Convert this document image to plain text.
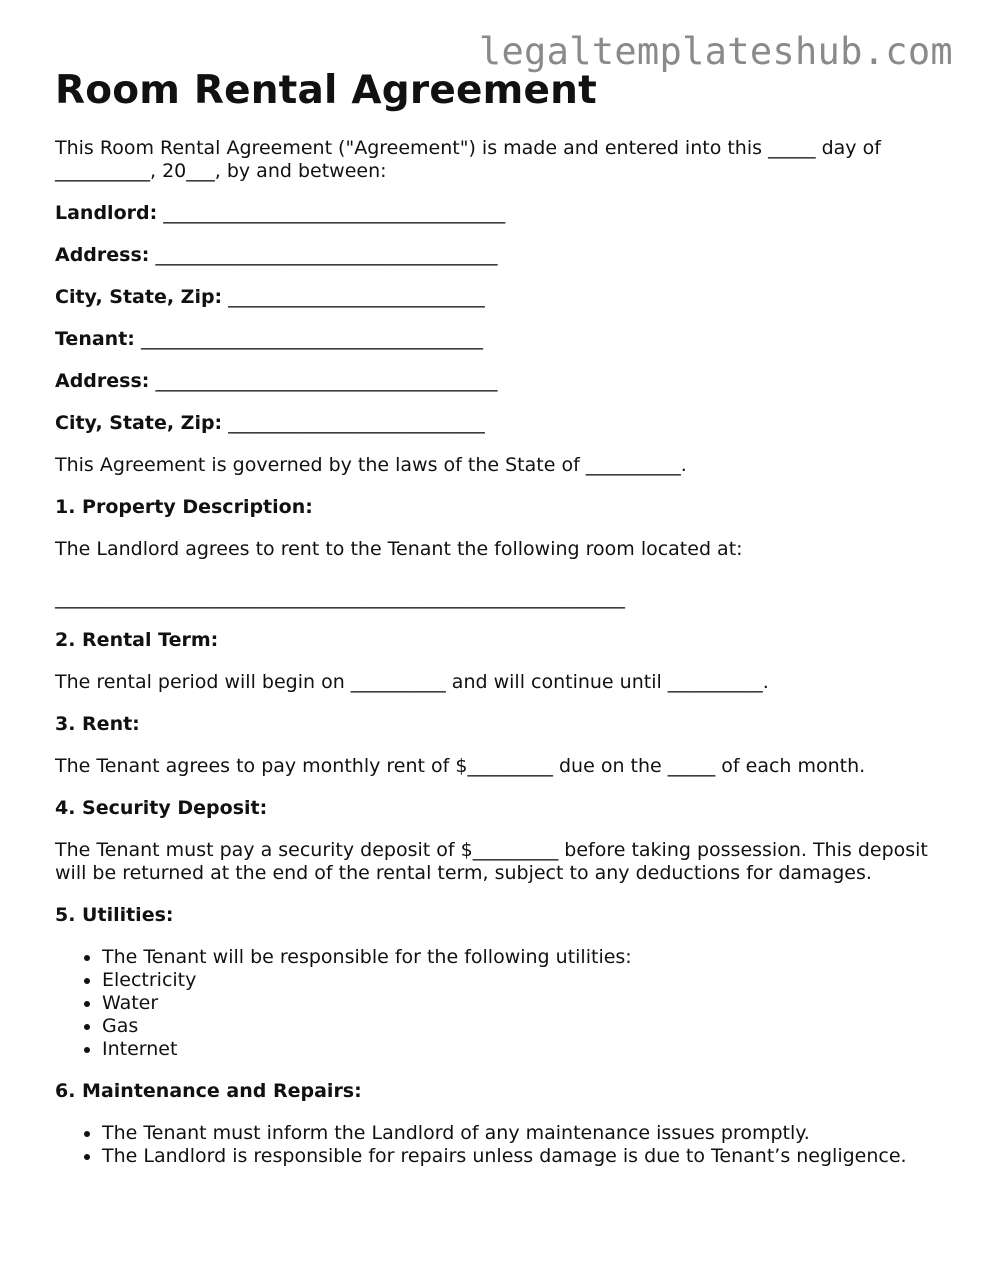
legaltemplateshub.com
Room Rental Agreement

This Room Rental Agreement ("Agreement") is made and entered into this _____ day of __________, 20___, by and between:

Landlord: ____________________________________
Address: ____________________________________
City, State, Zip: ___________________________
Tenant: ____________________________________
Address: ____________________________________
City, State, Zip: ___________________________

This Agreement is governed by the laws of the State of __________.

1. Property Description:

The Landlord agrees to rent to the Tenant the following room located at:

____________________________________________________________
2. Rental Term:

The rental period will begin on __________ and will continue until __________.

3. Rent:

The Tenant agrees to pay monthly rent of $_________ due on the _____ of each month.

4. Security Deposit:

The Tenant must pay a security deposit of $_________ before taking possession. This deposit will be returned at the end of the rental term, subject to any deductions for damages.

5. Utilities:
• The Tenant will be responsible for the following utilities:
• Electricity
• Water
• Gas
• Internet
6. Maintenance and Repairs:
• The Tenant must inform the Landlord of any maintenance issues promptly.
• The Landlord is responsible for repairs unless damage is due to Tenant’s negligence.
